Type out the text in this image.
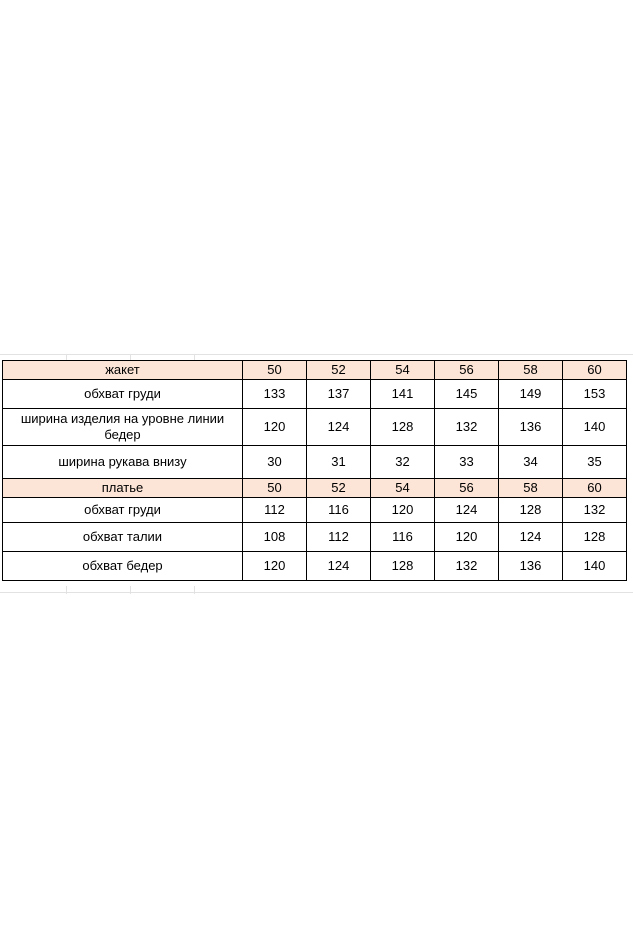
жакет	50	52	54	56	58	60
обхват груди	133	137	141	145	149	153
ширина изделия на уровне линии бедер	120	124	128	132	136	140
ширина рукава внизу	30	31	32	33	34	35
платье	50	52	54	56	58	60
обхват груди	112	116	120	124	128	132
обхват талии	108	112	116	120	124	128
обхват бедер	120	124	128	132	136	140
